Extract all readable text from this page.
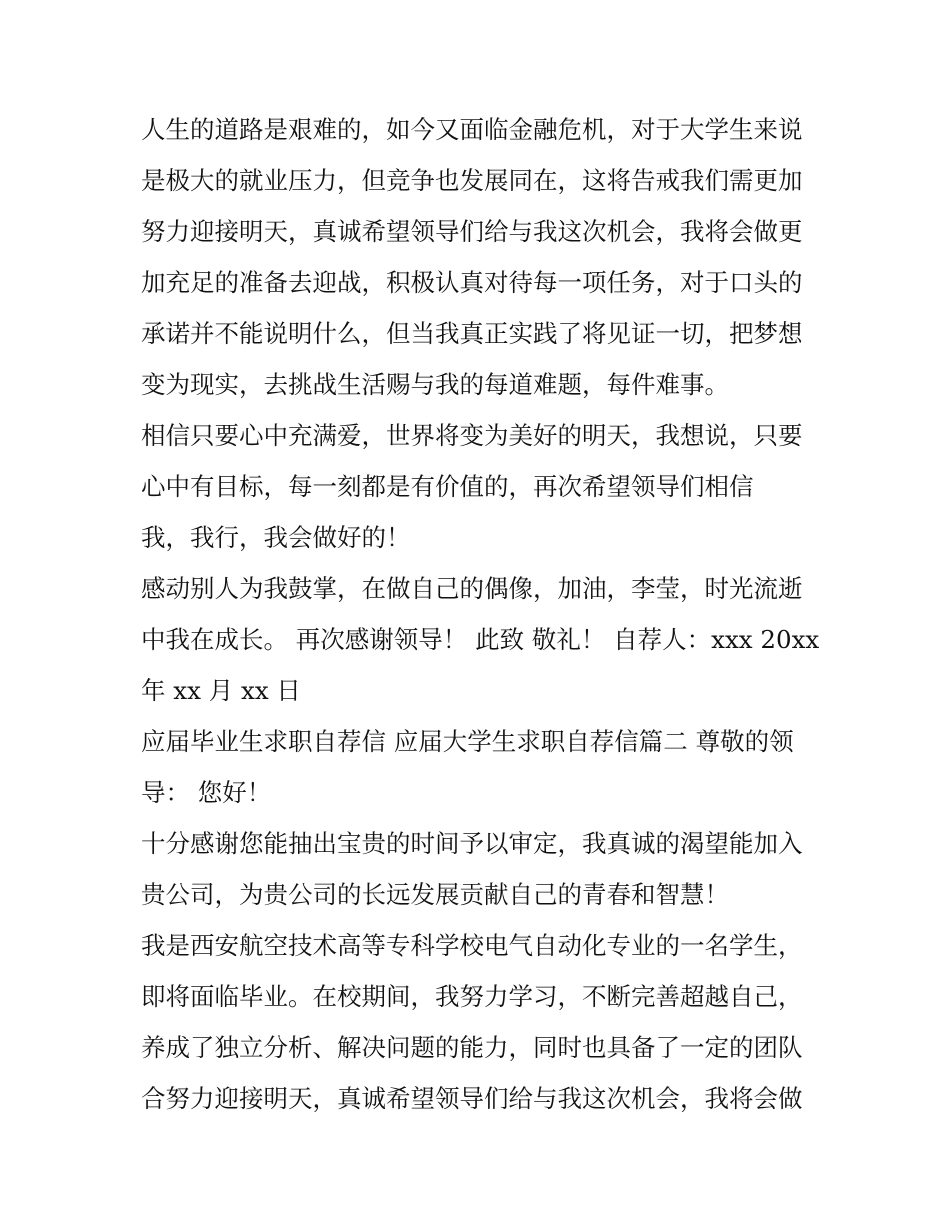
人生的道路是艰难的，如今又面临金融危机，对于大学生来说
是极大的就业压力，但竞争也发展同在，这将告戒我们需更加
努力迎接明天，真诚希望领导们给与我这次机会，我将会做更
加充足的准备去迎战，积极认真对待每一项任务，对于口头的
承诺并不能说明什么，但当我真正实践了将见证一切，把梦想
变为现实，去挑战生活赐与我的每道难题，每件难事。
相信只要心中充满爱，世界将变为美好的明天，我想说，只要
心中有目标，每一刻都是有价值的，再次希望领导们相信
我，我行，我会做好的！
感动别人为我鼓掌，在做自己的偶像，加油，李莹，时光流逝
中我在成长。 再次感谢领导！ 此致 敬礼！ 自荐人：xxx 20xx
年 xx 月 xx 日
应届毕业生求职自荐信 应届大学生求职自荐信篇二 尊敬的领
导： 您好！
十分感谢您能抽出宝贵的时间予以审定，我真诚的渴望能加入
贵公司，为贵公司的长远发展贡献自己的青春和智慧！
我是西安航空技术高等专科学校电气自动化专业的一名学生，
即将面临毕业。在校期间，我努力学习，不断完善超越自己，
养成了独立分析、解决问题的能力，同时也具备了一定的团队
合努力迎接明天，真诚希望领导们给与我这次机会，我将会做
